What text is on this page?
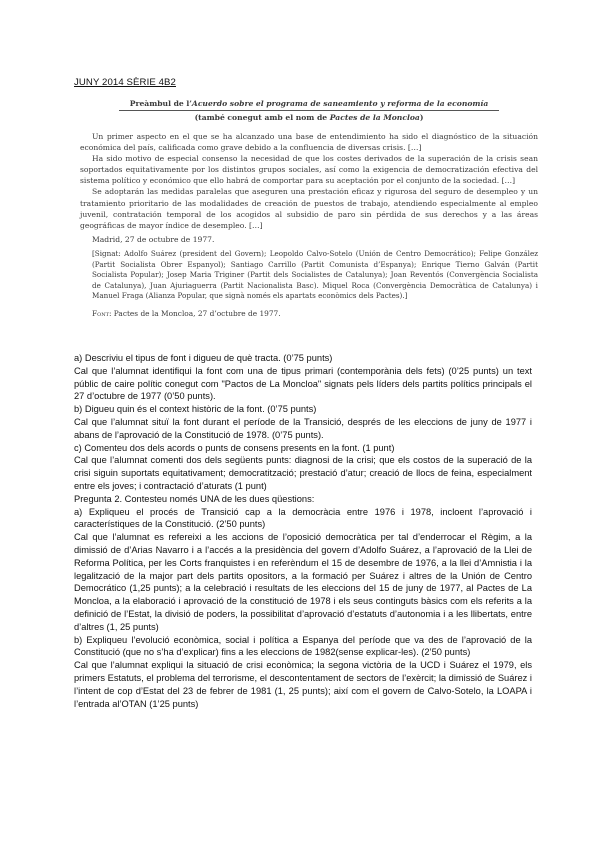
JUNY 2014 SÈRIE 4B2
Preàmbul de l’Acuerdo sobre el programa de saneamiento y reforma de la economía
(també conegut amb el nom de Pactes de la Moncloa)

Un primer aspecto en el que se ha alcanzado una base de entendimiento ha sido el diagnóstico de la situación económica del país, calificada como grave debido a la confluencia de diversas crisis. […]

Ha sido motivo de especial consenso la necesidad de que los costes derivados de la superación de la crisis sean soportados equitativamente por los distintos grupos sociales, así como la exigencia de democratización efectiva del sistema político y económico que ello habrá de comportar para su aceptación por el conjunto de la sociedad. […]

Se adoptarán las medidas paralelas que aseguren una prestación eficaz y rigurosa del seguro de desempleo y un tratamiento prioritario de las modalidades de creación de puestos de trabajo, atendiendo especialmente al empleo juvenil, contratación temporal de los acogidos al subsidio de paro sin pérdida de sus derechos y a las áreas geográficas de mayor índice de desempleo. […]

Madrid, 27 de octubre de 1977.
[Signat: Adolfo Suárez (president del Govern); Leopoldo Calvo-Sotelo (Unión de Centro Democrático); Felipe González (Partit Socialista Obrer Espanyol); Santiago Carrillo (Partit Comunista d’Espanya); Enrique Tierno Galván (Partit Socialista Popular); Josep Maria Triginer (Partit dels Socialistes de Catalunya); Joan Reventós (Convergència Socialista de Catalunya), Juan Ajuriaguerra (Partit Nacionalista Basc). Miquel Roca (Convergència Democràtica de Catalunya) i Manuel Fraga (Alianza Popular, que signà només els apartats econòmics dels Pactes).]
Font: Pactes de la Moncloa, 27 d’octubre de 1977.

a) Descriviu el tipus de font i digueu de què tracta. (0’75 punts)

Cal que l’alumnat identifiqui la font com una de tipus primari (contemporània dels fets) (0’25 punts) un text públic de caire polític conegut com "Pactos de La Moncloa" signats pels líders dels partits polítics principals el 27 d’octubre de 1977 (0’50 punts).

b) Digueu quin és el context històric de la font. (0’75 punts)

Cal que l’alumnat situï la font durant el període de la Transició, després de les eleccions de juny de 1977 i abans de l’aprovació de la Constitució de 1978. (0’75 punts).

c) Comenteu dos dels acords o punts de consens presents en la font. (1 punt)

Cal que l’alumnat comenti dos dels següents punts: diagnosi de la crisi; que els costos de la superació de la crisi siguin suportats equitativament; democratització; prestació d’atur; creació de llocs de feina, especialment entre els joves; i contractació d’aturats (1 punt)

Pregunta 2. Contesteu només UNA de les dues qüestions:

a) Expliqueu el procés de Transició cap a la democràcia entre 1976 i 1978, incloent l’aprovació i característiques de la Constitució. (2’50 punts)

Cal que l’alumnat es refereixi a les accions de l’oposició democràtica per tal d’enderrocar el Règim, a la dimissió de d’Arias Navarro i a l’accés a la presidència del govern d’Adolfo Suárez, a l’aprovació de la Llei de Reforma Política, per les Corts franquistes i en referèndum el 15 de desembre de 1976, a la llei d’Amnistia i la legalització de la major part dels partits opositors, a la formació per Suárez i altres de la Unión de Centro Democrático (1,25 punts); a la celebració i resultats de les eleccions del 15 de juny de 1977, al Pactes de La Moncloa, a la elaboració i aprovació de la constitució de 1978 i els seus continguts bàsics com els referits a la definició de l’Estat, la divisió de poders, la possibilitat d’aprovació d’estatuts d’autonomia i a les llibertats, entre d’altres (1, 25 punts)

b) Expliqueu l’evolució econòmica, social i política a Espanya del període que va des de l’aprovació de la Constitució (que no s’ha d’explicar) fins a les eleccions de 1982(sense explicar-les). (2’50 punts)

Cal que l’alumnat expliqui la situació de crisi econòmica; la segona victòria de la UCD i Suárez el 1979, els primers Estatuts, el problema del terrorisme, el descontentament de sectors de l’exèrcit; la dimissió de Suárez i l’intent de cop d’Estat del 23 de febrer de 1981 (1, 25 punts); així com el govern de Calvo-Sotelo, la LOAPA i l’entrada al’OTAN (1’25 punts)
